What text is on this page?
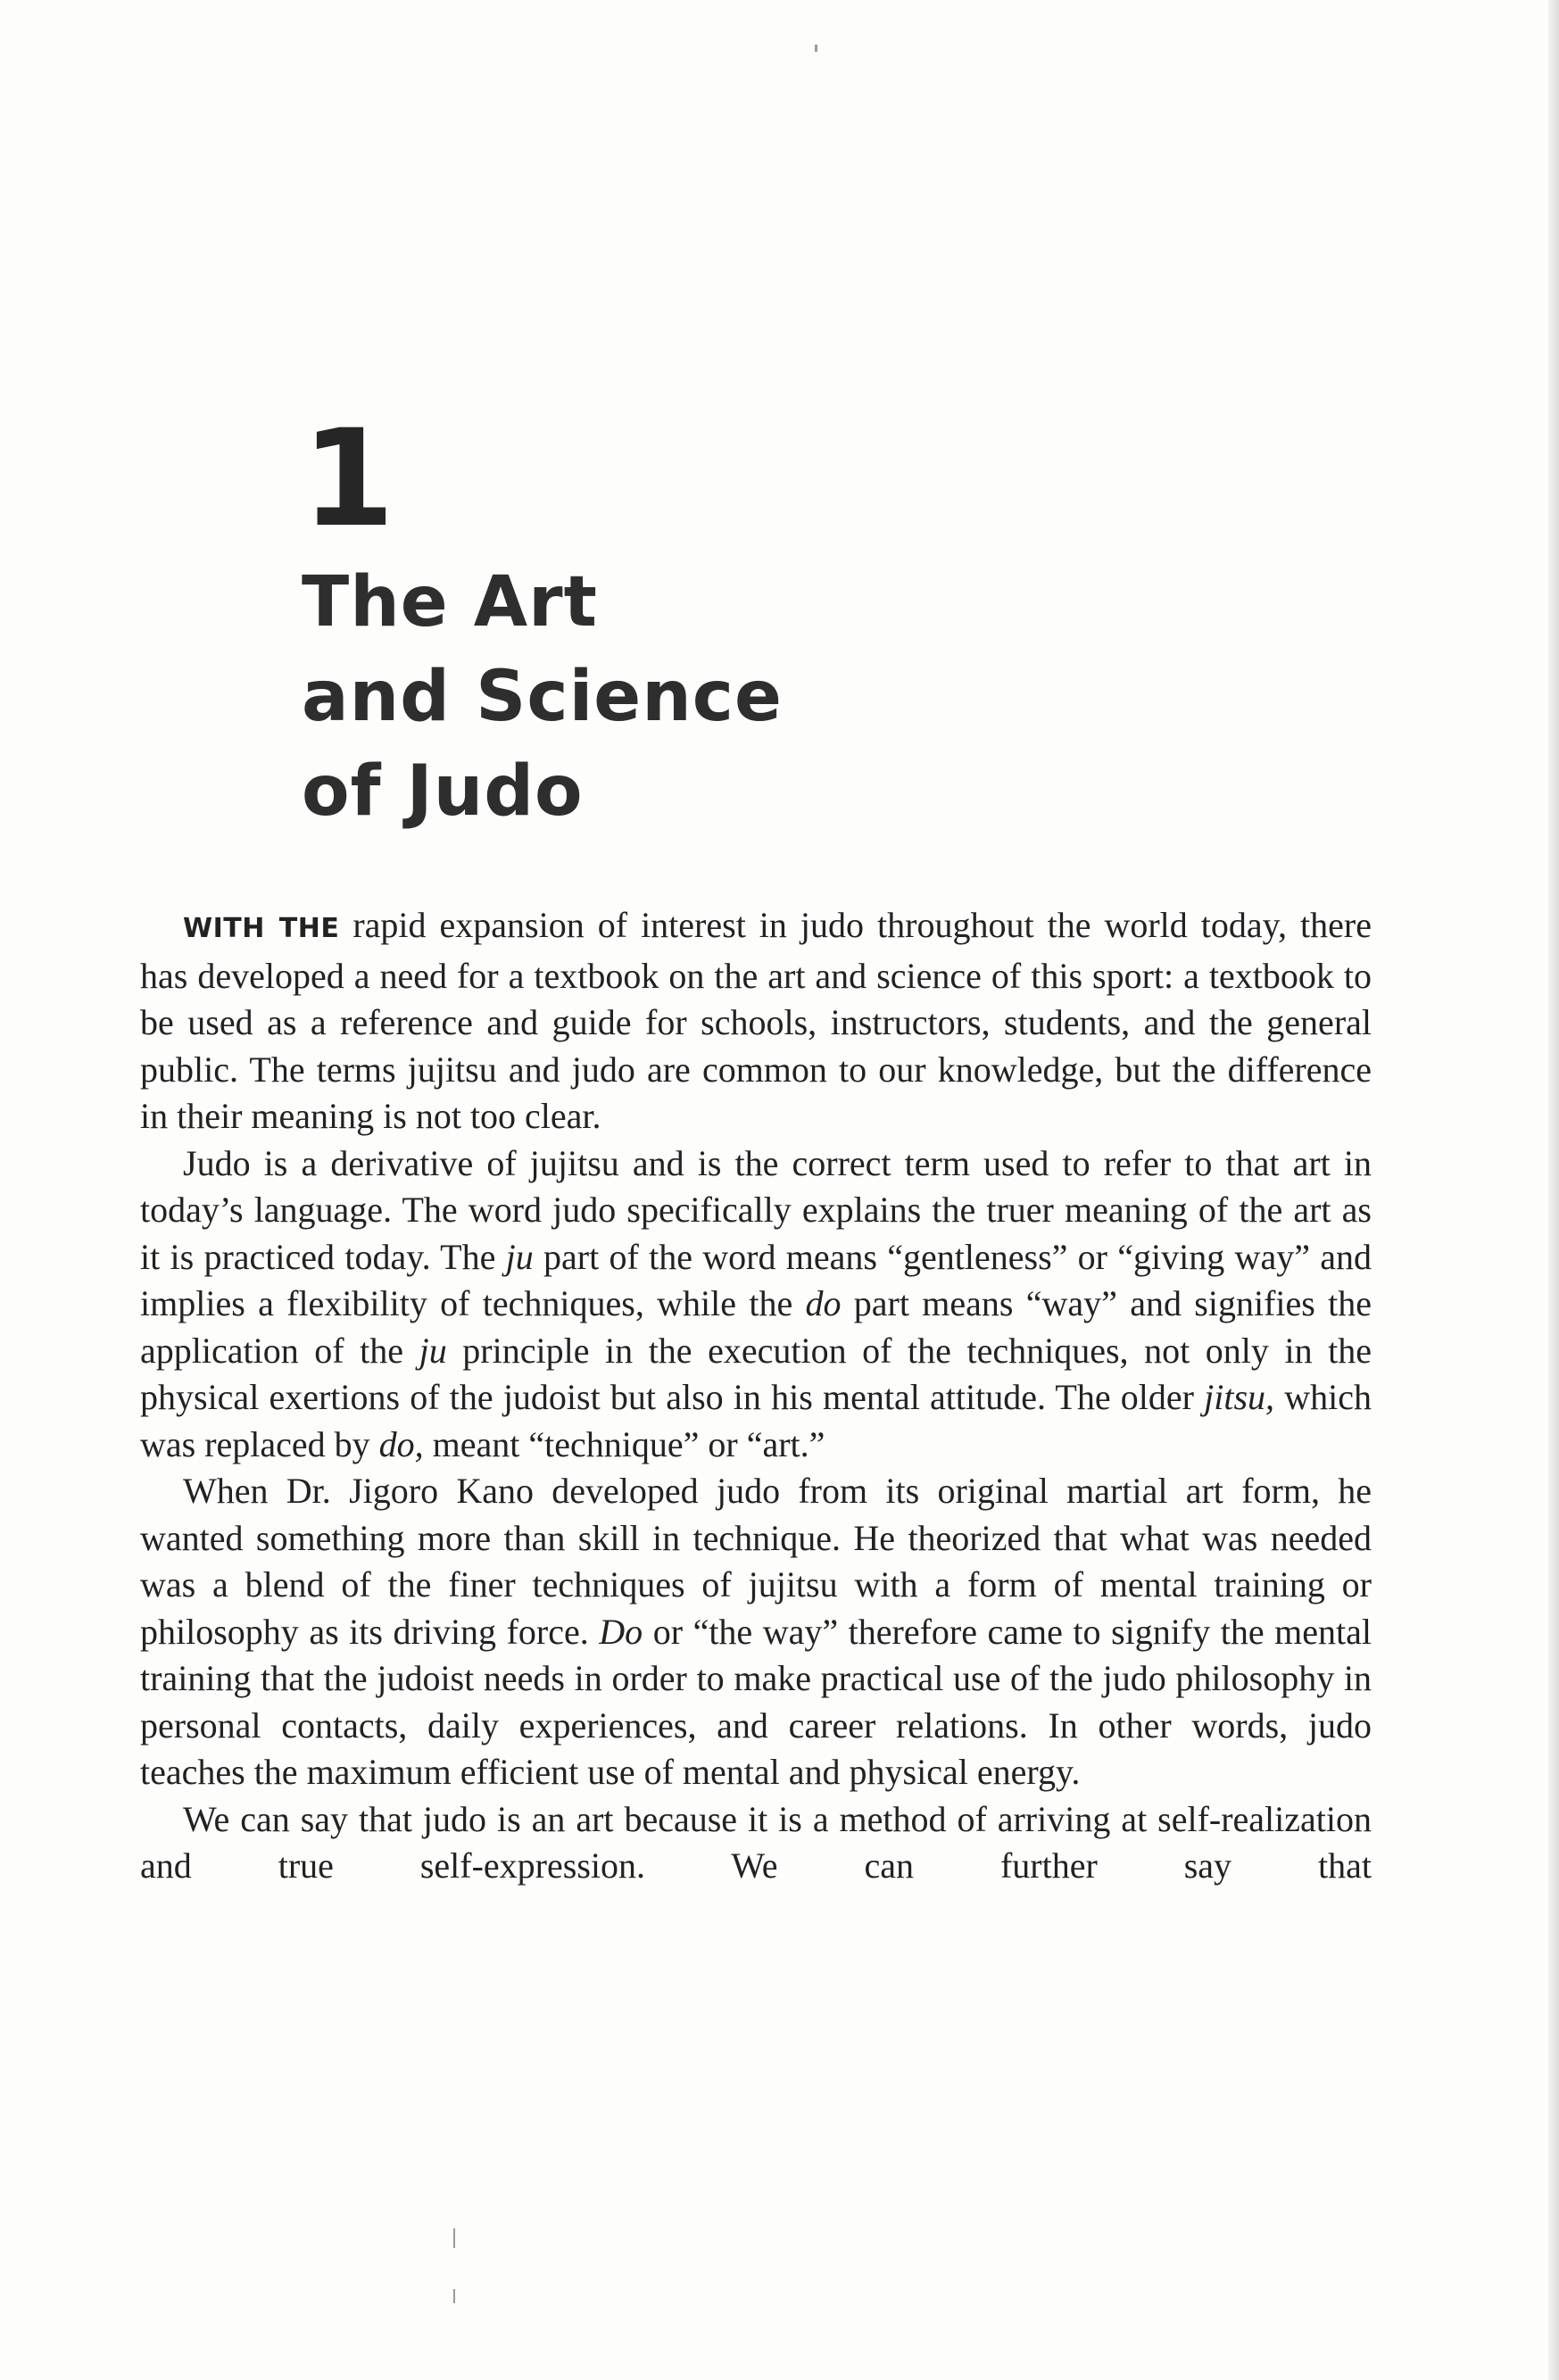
1
The Art
and Science
of Judo

WITH THE rapid expansion of interest in judo throughout the world today, there has developed a need for a textbook on the art and science of this sport: a textbook to be used as a reference and guide for schools, instructors, students, and the general public. The terms jujitsu and judo are common to our knowledge, but the difference in their meaning is not too clear.

Judo is a derivative of jujitsu and is the correct term used to refer to that art in today’s language. The word judo specifically explains the truer meaning of the art as it is practiced today. The ju part of the word means “gentleness” or “giving way” and implies a flexibility of techniques, while the do part means “way” and signifies the application of the ju principle in the execution of the techniques, not only in the physical exertions of the judoist but also in his mental attitude. The older jitsu, which was replaced by do, meant “technique” or “art.”

When Dr. Jigoro Kano developed judo from its original martial art form, he wanted something more than skill in technique. He theorized that what was needed was a blend of the finer techniques of jujitsu with a form of mental training or philosophy as its driving force. Do or “the way” therefore came to signify the mental training that the judoist needs in order to make practical use of the judo philosophy in personal contacts, daily experiences, and career relations. In other words, judo teaches the maximum efficient use of mental and physical energy.

We can say that judo is an art because it is a method of arriving at self-realization and true self-expression. We can further say that
